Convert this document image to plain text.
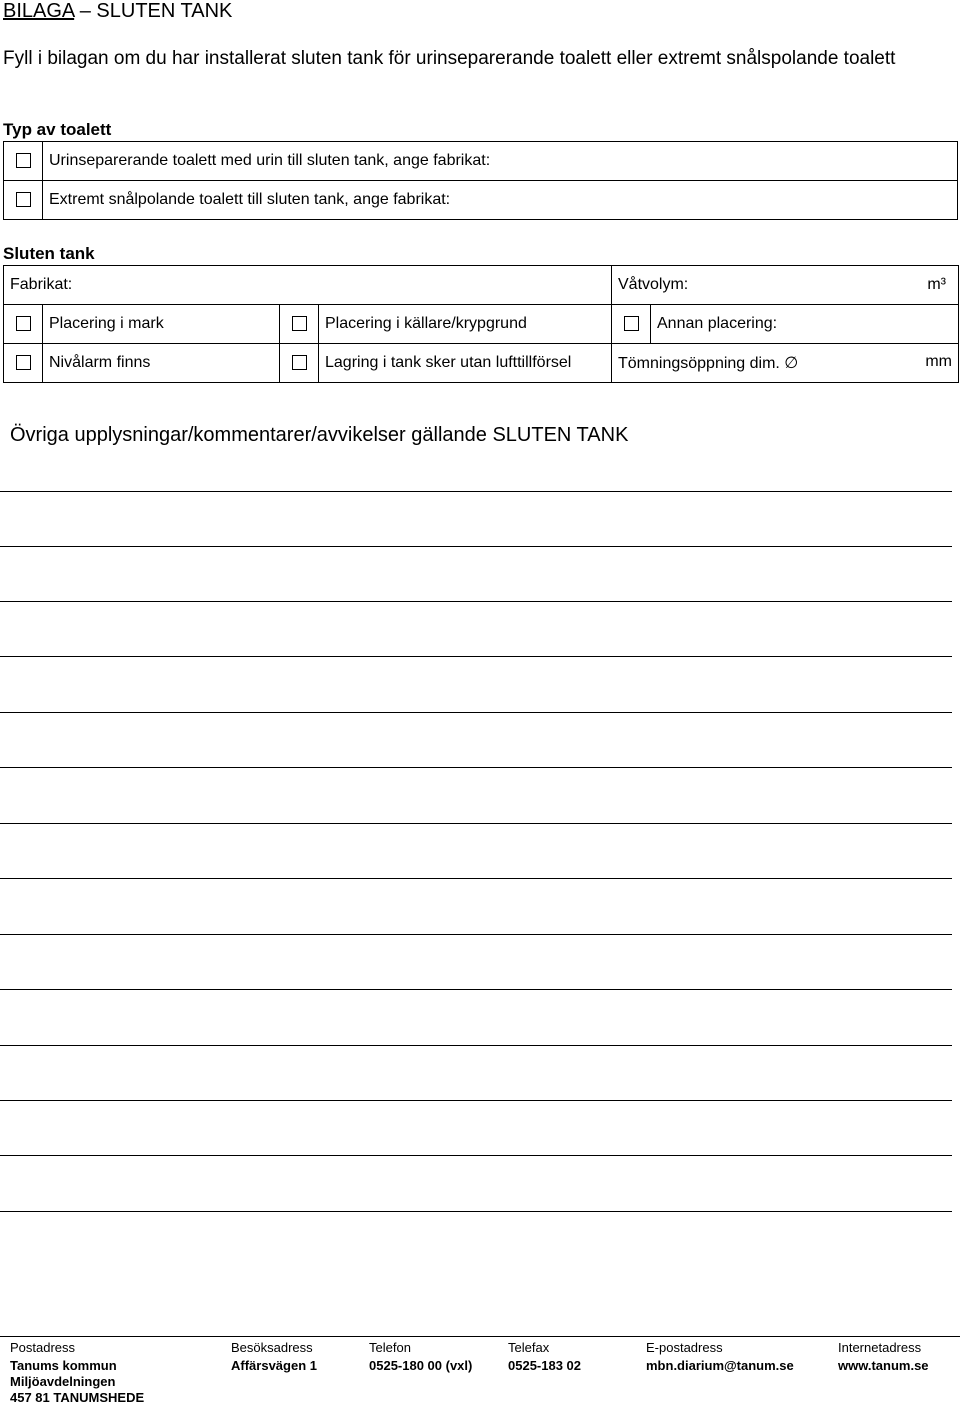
BILAGA – SLUTEN TANK
Fyll i bilagan om du har installerat sluten tank för urinseparerande toalett eller extremt snålspolande toalett
Typ av toalett
	Urinseparerande toalett med urin till sluten tank, ange fabrikat:
	Extremt snålpolande toalett till sluten tank, ange fabrikat:
Sluten tank
Fabrikat:				Våtvolym: m³	

	Placering i mark		Placering i källare/krypgrund		Annan placering:
	Nivålarm finns		Lagring i tank sker utan lufttillförsel	Tömningsöppning dim. ∅ mm	
Övriga upplysningar/kommentarer/avvikelser gällande SLUTEN TANK
Postadress
Tanums kommun
Miljöavdelningen
457 81 TANUMSHEDE
Besöksadress
Affärsvägen 1
Telefon
0525-180 00 (vxl)
Telefax
0525-183 02
E-postadress
mbn.diarium@tanum.se
Internetadress
www.tanum.se
